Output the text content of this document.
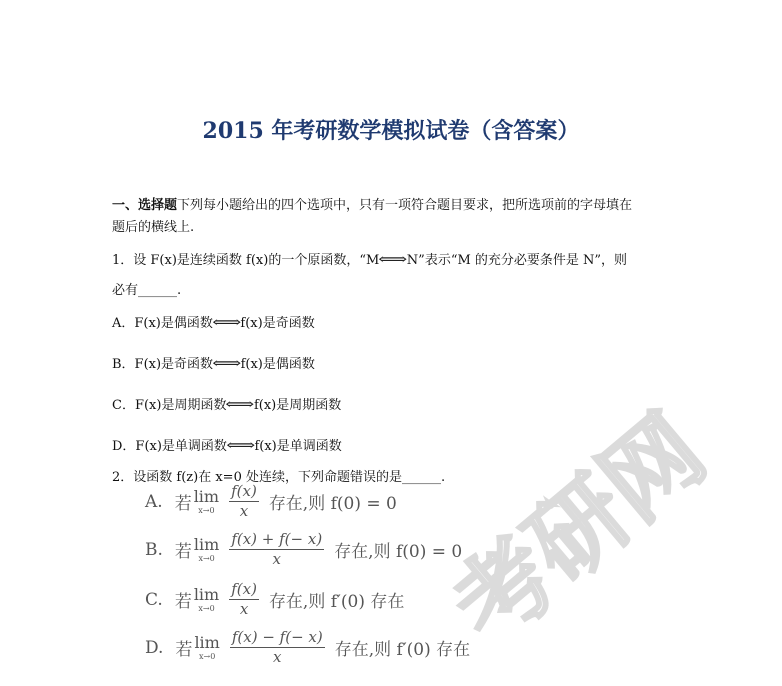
2015 年考研数学模拟试卷（含答案）
一、选择题下列每小题给出的四个选项中，只有一项符合题目要求，把所选项前的字母填在
题后的横线上.
1．设 F(x)是连续函数 f(x)的一个原函数，“M⟺N”表示“M 的充分必要条件是 N”，则
必有______.
A．F(x)是偶函数⟺f(x)是奇函数
B．F(x)是奇函数⟺f(x)是偶函数
C．F(x)是周期函数⟺f(x)是周期函数
D．F(x)是单调函数⟺f(x)是单调函数
2．设函数 f(z)在 x=0 处连续，下列命题错误的是______.
A. 若 lim
$x\to 0 \frac{f(x)}{x}$ 存在,则 f(0) = 0
B. 若 lim
$x\to 0 \frac{f(x) + f(- x)}{x}$ 存在,则 f(0) = 0
C. 若 lim
$x\to 0 \frac{f(x)}{x}$ 存在,则 f′(0) 存在
D. 若 lim
$x\to 0 \frac{f(x) - f(- x)}{x}$ 存在,则 f′(0) 存在
考研网
